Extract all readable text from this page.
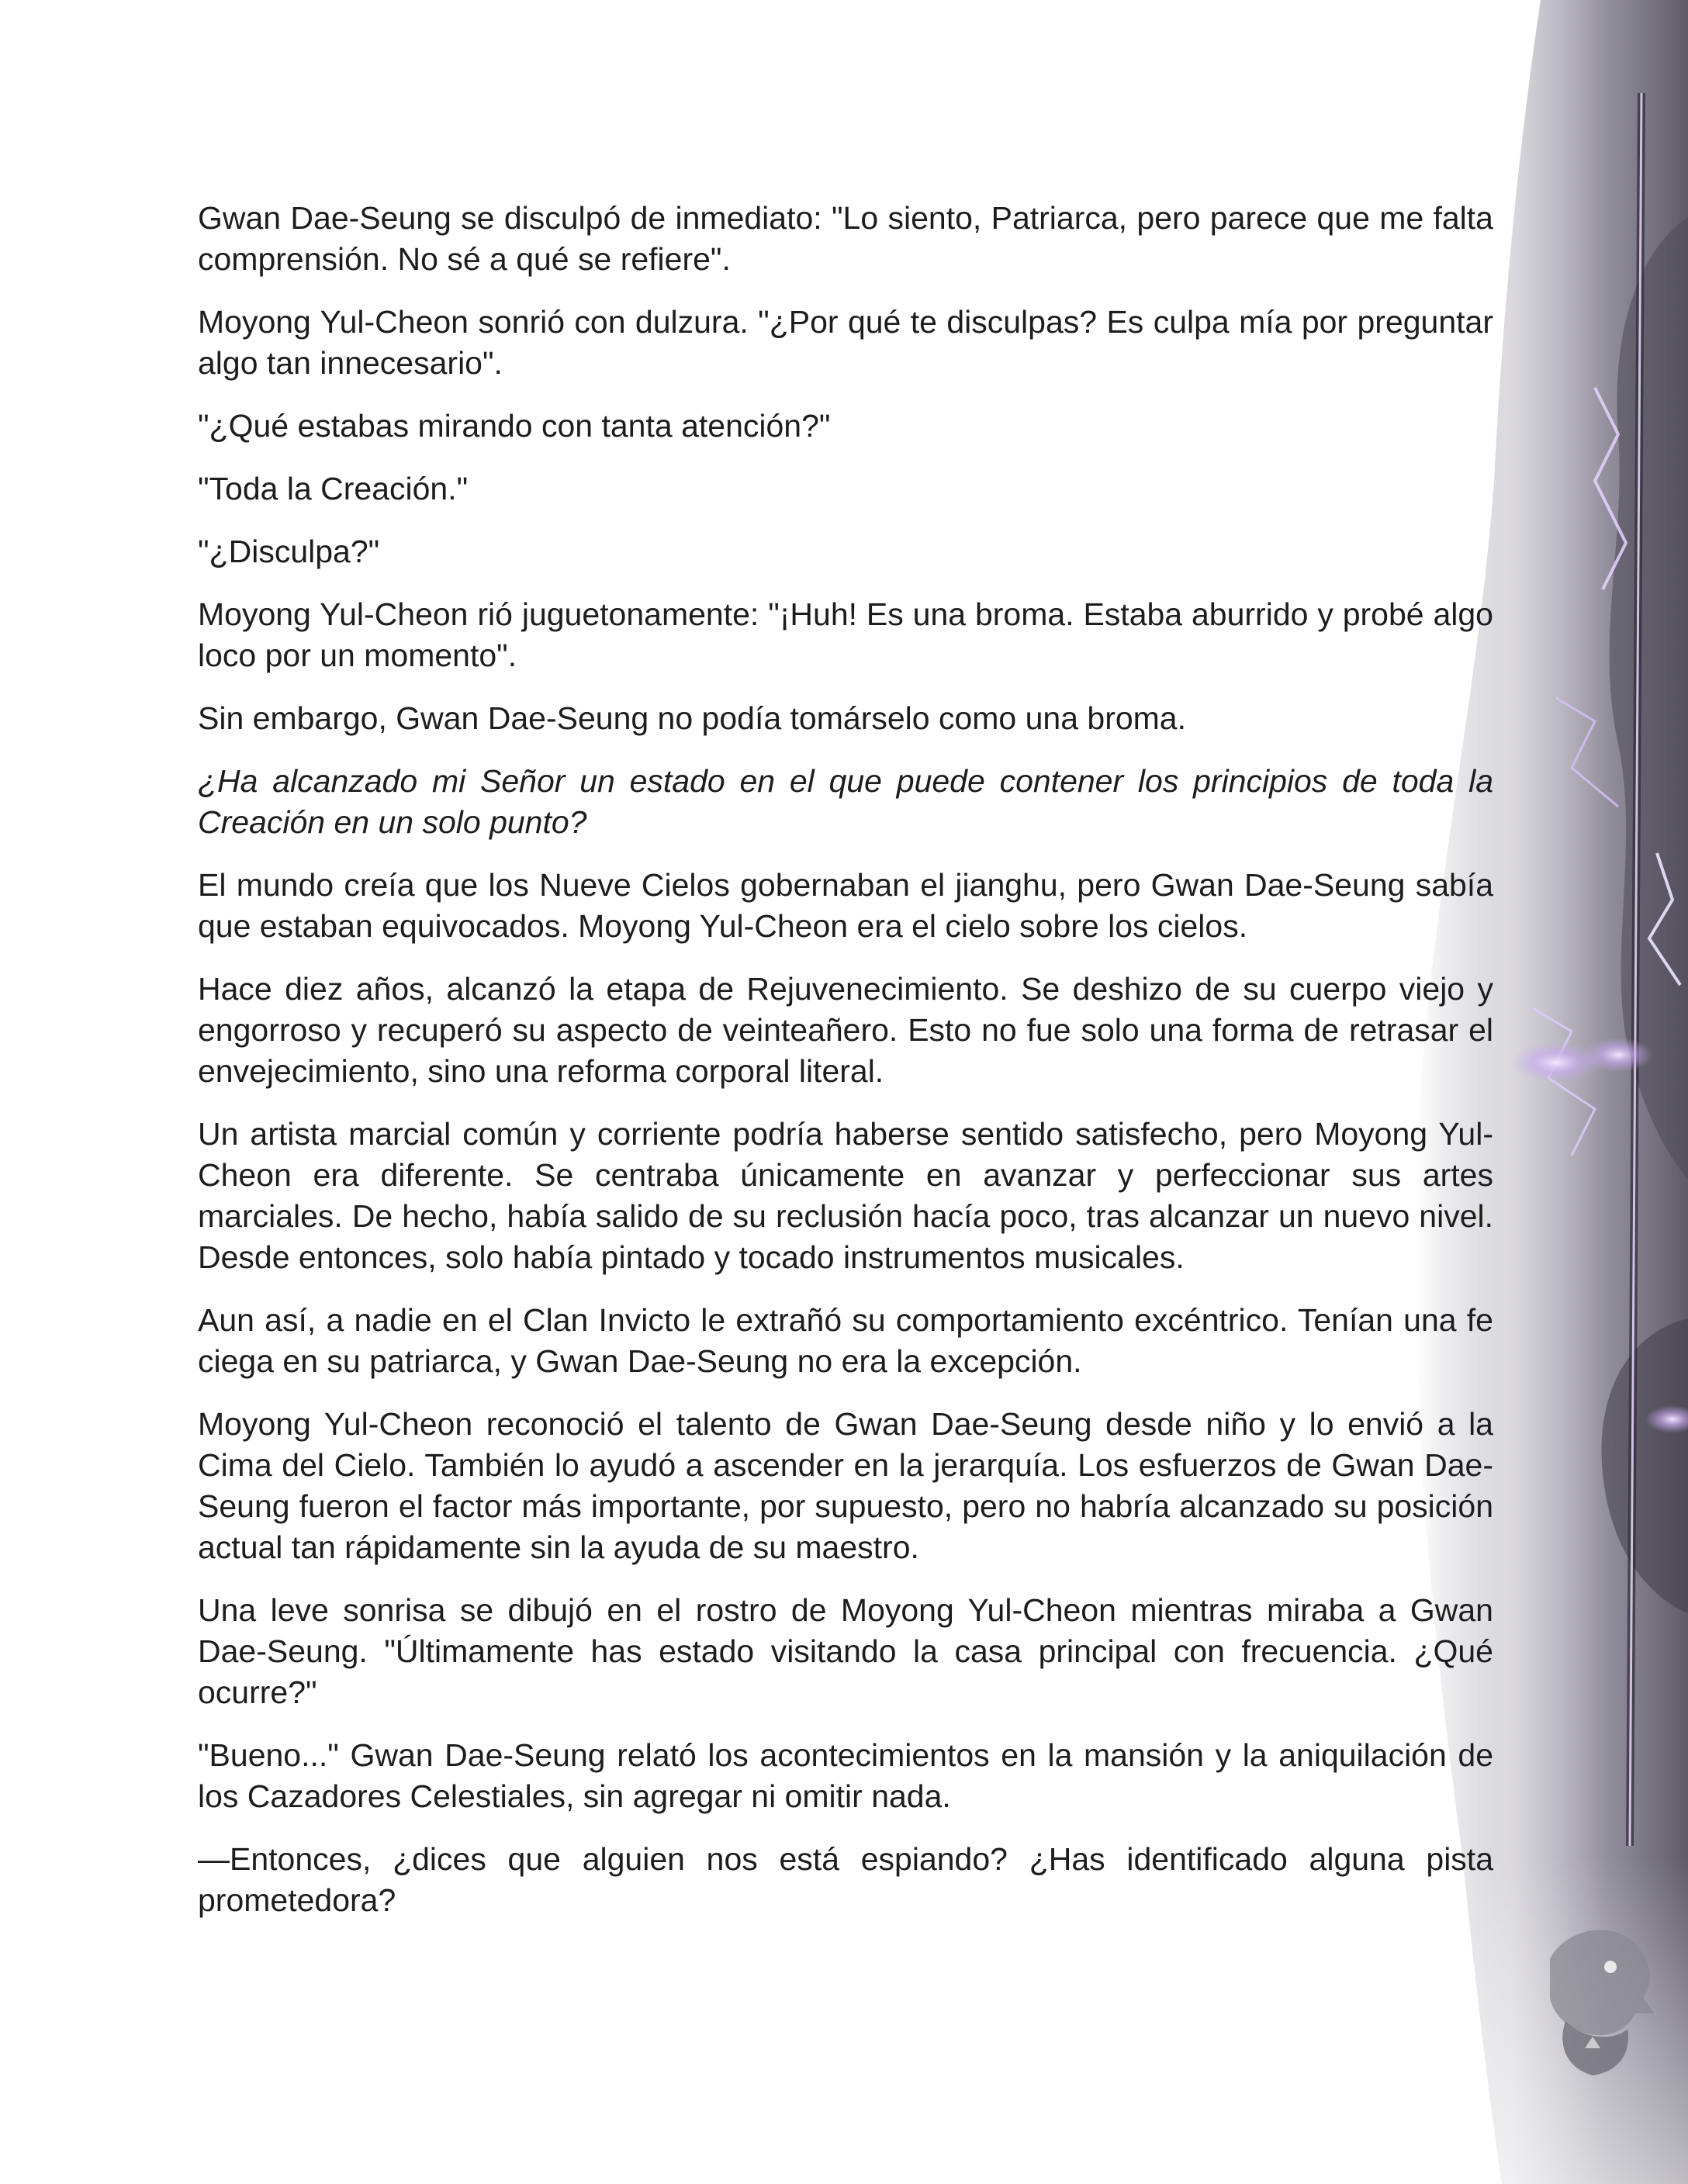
Gwan Dae-Seung se disculpó de inmediato: "Lo siento, Patriarca, pero parece que me falta comprensión. No sé a qué se refiere".

Moyong Yul-Cheon sonrió con dulzura. "¿Por qué te disculpas? Es culpa mía por preguntar algo tan innecesario".

"¿Qué estabas mirando con tanta atención?"

"Toda la Creación."

"¿Disculpa?"

Moyong Yul-Cheon rió juguetonamente: "¡Huh! Es una broma. Estaba aburrido y probé algo loco por un momento".

Sin embargo, Gwan Dae-Seung no podía tomárselo como una broma.

¿Ha alcanzado mi Señor un estado en el que puede contener los principios de toda la Creación en un solo punto?

El mundo creía que los Nueve Cielos gobernaban el jianghu, pero Gwan Dae-Seung sabía que estaban equivocados. Moyong Yul-Cheon era el cielo sobre los cielos.

Hace diez años, alcanzó la etapa de Rejuvenecimiento. Se deshizo de su cuerpo viejo y engorroso y recuperó su aspecto de veinteañero. Esto no fue solo una forma de retrasar el envejecimiento, sino una reforma corporal literal.

Un artista marcial común y corriente podría haberse sentido satisfecho, pero Moyong Yul-Cheon era diferente. Se centraba únicamente en avanzar y perfeccionar sus artes marciales. De hecho, había salido de su reclusión hacía poco, tras alcanzar un nuevo nivel. Desde entonces, solo había pintado y tocado instrumentos musicales.

Aun así, a nadie en el Clan Invicto le extrañó su comportamiento excéntrico. Tenían una fe ciega en su patriarca, y Gwan Dae-Seung no era la excepción.

Moyong Yul-Cheon reconoció el talento de Gwan Dae-Seung desde niño y lo envió a la Cima del Cielo. También lo ayudó a ascender en la jerarquía. Los esfuerzos de Gwan Dae-Seung fueron el factor más importante, por supuesto, pero no habría alcanzado su posición actual tan rápidamente sin la ayuda de su maestro.

Una leve sonrisa se dibujó en el rostro de Moyong Yul-Cheon mientras miraba a Gwan Dae-Seung. "Últimamente has estado visitando la casa principal con frecuencia. ¿Qué ocurre?"

"Bueno..." Gwan Dae-Seung relató los acontecimientos en la mansión y la aniquilación de los Cazadores Celestiales, sin agregar ni omitir nada.

—Entonces, ¿dices que alguien nos está espiando? ¿Has identificado alguna pista prometedora?
